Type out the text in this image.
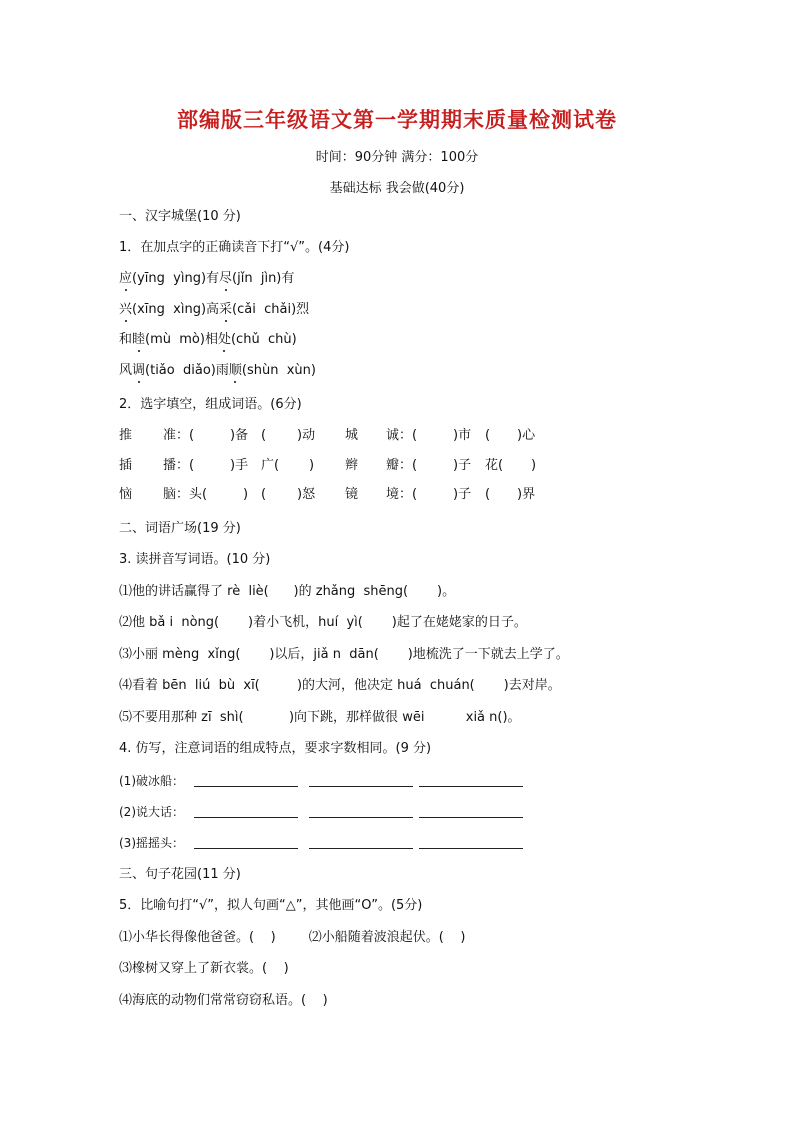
部编版三年级语文第一学期期末质量检测试卷
时间：90分钟 满分：100分
基础达标 我会做(40分)
一、汉字城堡(10 分)
1．在加点字的正确读音下打“√”。(4分)
应(yīng  yìng)有尽(jǐn  jìn)有
兴(xīng  xìng)高采(cǎi  chǎi)烈
和睦(mù  mò)相处(chǔ  chù)
风调(tiǎo  diǎo)雨顺(shùn  xùn)
2．选字填空，组成词语。(6分)
推 准：(	)备 ( )动 城 诚：(	)市 ( )心
插 播：(	)手 广( ) 辫 瓣：(	)子 花( )
恼 脑：头(	) ( )怒 镜 境：(	)子 ( )界
二、词语广场(19 分)
3. 读拼音写词语。(10 分)
⑴他的讲话赢得了 rè  liè(      )的 zhǎng  shēng(       )。
⑵他 bǎ i  nòng(       )着小飞机，huí  yì(       )起了在姥姥家的日子。
⑶小丽 mèng  xǐng(       )以后，jiǎ n  dān(       )地梳洗了一下就去上学了。
⑷看着 bēn  liú  bù  xī(         )的大河，他决定 huá  chuán(       )去对岸。
⑸不要用那种 zī  shì(           )向下跳，那样做很 wēi          xiǎ n()。
4. 仿写，注意词语的组成特点，要求字数相同。(9 分)
(1)破冰船：
(2)说大话：
(3)摇摇头：
三、句子花园(11 分)
5．比喻句打“√”，拟人句画“△”，其他画“O”。(5分)
⑴小华长得像他爸爸。(    )        ⑵小船随着波浪起伏。(    )
⑶橡树又穿上了新衣裳。(    )
⑷海底的动物们常常窃窃私语。(    )
